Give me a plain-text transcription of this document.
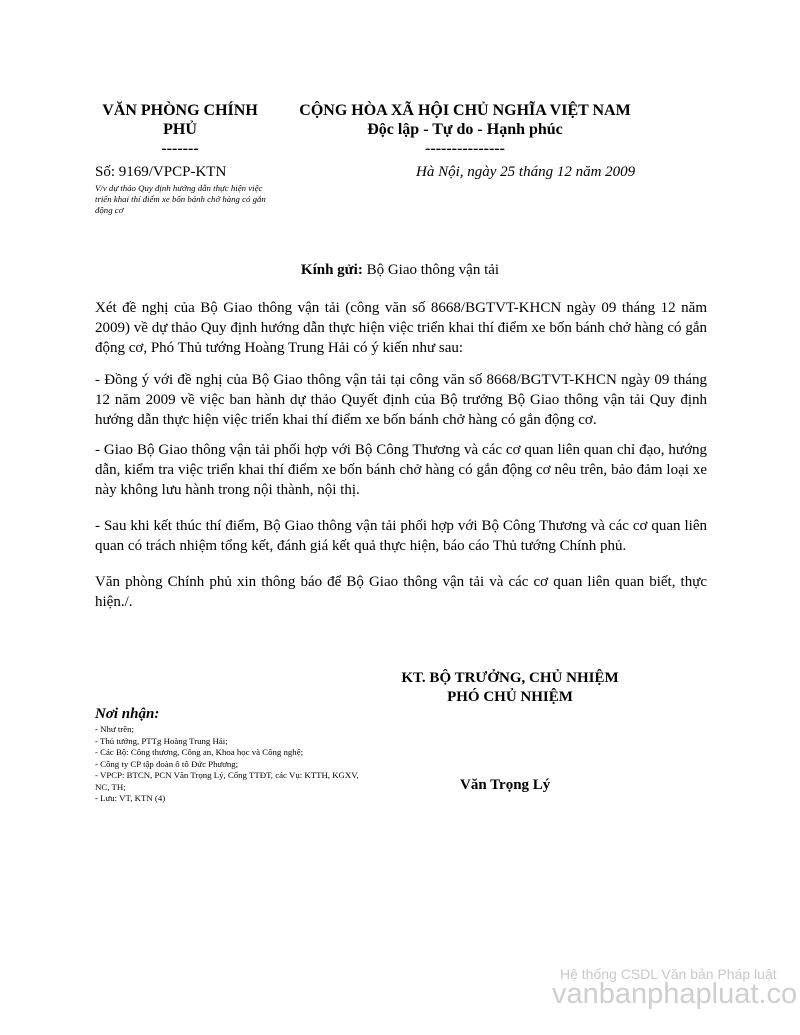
VĂN PHÒNG CHÍNH
PHỦ
-------
CỘNG HÒA XÃ HỘI CHỦ NGHĨA VIỆT NAM
Độc lập - Tự do - Hạnh phúc
---------------
Số: 9169/VPCP-KTN	Hà Nội, ngày 25 tháng 12 năm 2009
V/v dự thảo Quy định hướng dẫn thực hiện việc triển khai thí điểm xe bốn bánh chở hàng có gắn động cơ
Kính gửi: Bộ Giao thông vận tải

Xét đề nghị của Bộ Giao thông vận tải (công văn số 8668/BGTVT-KHCN ngày 09 tháng 12 năm 2009) về dự thảo Quy định hướng dẫn thực hiện việc triển khai thí điểm xe bốn bánh chở hàng có gắn động cơ, Phó Thủ tướng Hoàng Trung Hải có ý kiến như sau:

- Đồng ý với đề nghị của Bộ Giao thông vận tải tại công văn số 8668/BGTVT-KHCN ngày 09 tháng 12 năm 2009 về việc ban hành dự thảo Quyết định của Bộ trưởng Bộ Giao thông vận tải Quy định hướng dẫn thực hiện việc triển khai thí điểm xe bốn bánh chở hàng có gắn động cơ.

- Giao Bộ Giao thông vận tải phối hợp với Bộ Công Thương và các cơ quan liên quan chỉ đạo, hướng dẫn, kiểm tra việc triển khai thí điểm xe bốn bánh chở hàng có gắn động cơ nêu trên, bảo đảm loại xe này không lưu hành trong nội thành, nội thị.

- Sau khi kết thúc thí điểm, Bộ Giao thông vận tải phối hợp với Bộ Công Thương và các cơ quan liên quan có trách nhiệm tổng kết, đánh giá kết quả thực hiện, báo cáo Thủ tướng Chính phủ.

Văn phòng Chính phủ xin thông báo để Bộ Giao thông vận tải và các cơ quan liên quan biết, thực hiện./.

KT. BỘ TRƯỞNG, CHỦ NHIỆM
PHÓ CHỦ NHIỆM
Nơi nhận:
- Như trên;
- Thủ tướng, PTTg Hoàng Trung Hải;
- Các Bộ: Công thương, Công an, Khoa học và Công nghệ;
- Công ty CP tập đoàn ô tô Đức Phương;
- VPCP: BTCN, PCN Văn Trọng Lý, Cổng TTĐT, các Vụ: KTTH, KGXV, NC, TH;
- Lưu: VT, KTN (4)
Văn Trọng Lý
Hệ thống CSDL Văn bản Pháp luật
vanbanphapluat.co
